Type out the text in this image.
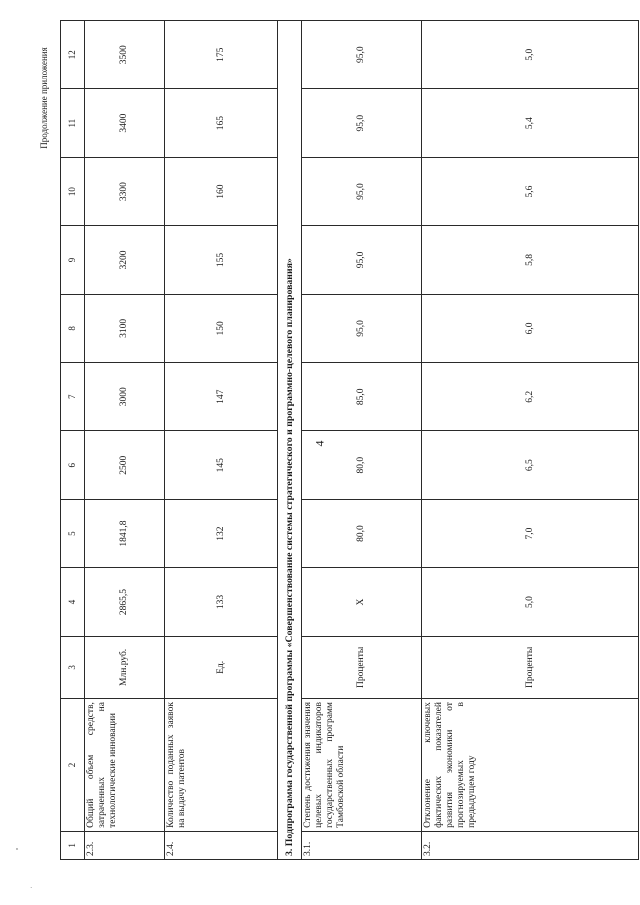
4
Продолжение приложения
1	2	3	4	5	6	7	8	9	10	11	12
2.3.	Общий объем средств, затраченных на технологические инновации	Млн.руб.	2865,5	1841,8	2500	3000	3100	3200	3300	3400	3500
2.4.	Количество поданных заявок на выдачу патентов	Ед.	133	132	145	147	150	155	160	165	175
3. Подпрограмма государственной программы «Совершенствование системы стратегического и программно-целевого планирования»											
3.1.	Степень достижения значения целевых индикаторов государственных программ Тамбовской области	Проценты	Х	80,0	80,0	85,0	95,0	95,0	95,0	95,0	95,0
3.2.	Отклонение ключевых фактических показателей развития экономики от прогнозируемых в предыдущем году	Проценты	5,0	7,0	6,5	6,2	6,0	5,8	5,6	5,4	5,0
ⁿ
·
